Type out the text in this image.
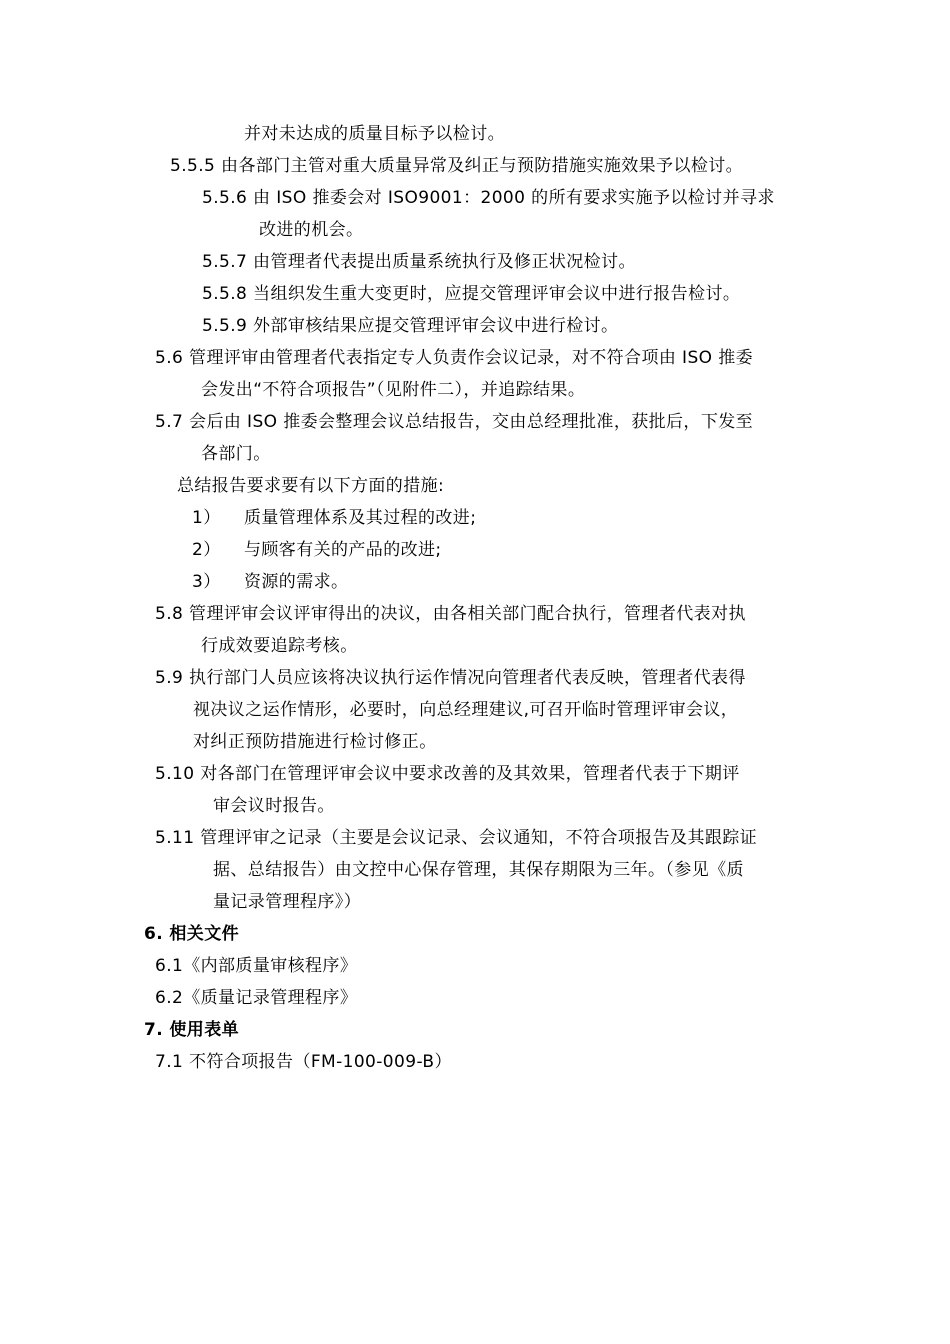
并对未达成的质量目标予以检讨。
5.5.5 由各部门主管对重大质量异常及纠正与预防措施实施效果予以检讨。
5.5.6 由 ISO 推委会对 ISO9001：2000 的所有要求实施予以检讨并寻求
改进的机会。
5.5.7 由管理者代表提出质量系统执行及修正状况检讨。
5.5.8 当组织发生重大变更时，应提交管理评审会议中进行报告检讨。
5.5.9 外部审核结果应提交管理评审会议中进行检讨。
5.6 管理评审由管理者代表指定专人负责作会议记录，对不符合项由 ISO 推委
会发出“不符合项报告”（见附件二），并追踪结果。
5.7 会后由 ISO 推委会整理会议总结报告，交由总经理批准，获批后，下发至
各部门。
总结报告要求要有以下方面的措施:
1） 质量管理体系及其过程的改进;
2） 与顾客有关的产品的改进;
3） 资源的需求。
5.8 管理评审会议评审得出的决议，由各相关部门配合执行，管理者代表对执
行成效要追踪考核。
5.9 执行部门人员应该将决议执行运作情况向管理者代表反映，管理者代表得
视决议之运作情形，必要时，向总经理建议,可召开临时管理评审会议，
对纠正预防措施进行检讨修正。
5.10 对各部门在管理评审会议中要求改善的及其效果，管理者代表于下期评
审会议时报告。
5.11 管理评审之记录（主要是会议记录、会议通知，不符合项报告及其跟踪证
据、总结报告）由文控中心保存管理，其保存期限为三年。（参见《质
量记录管理程序》）
6. 相关文件
6.1《内部质量审核程序》
6.2《质量记录管理程序》
7. 使用表单
7.1 不符合项报告（FM-100-009-B）
